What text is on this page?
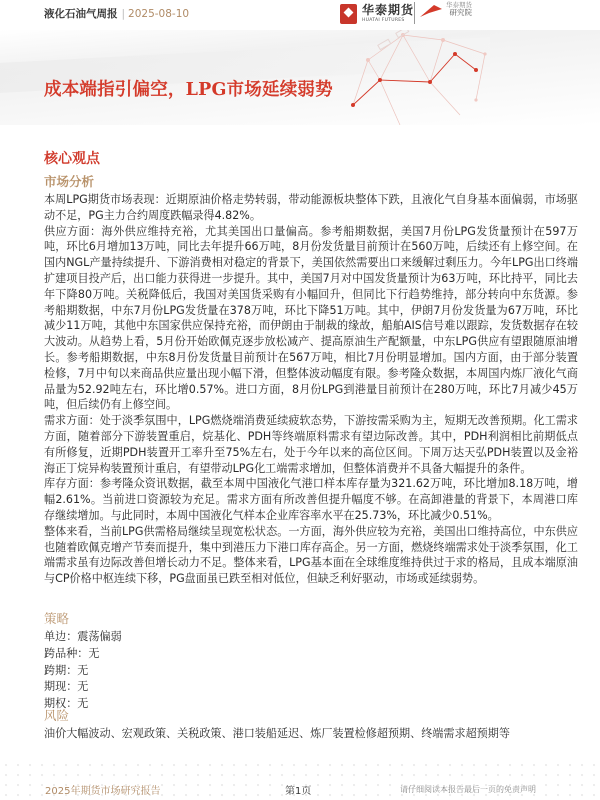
液化石油气周报 | 2025-08-10	华泰期货
HUATAI FUTURES
华泰期货
研究院
成本端指引偏空，LPG市场延续弱势
核心观点
市场分析

本周LPG期货市场表现：近期原油价格走势转弱，带动能源板块整体下跌，且液化气自身基本面偏弱，市场驱动不足，PG主力合约周度跌幅录得4.82%。

供应方面：海外供应维持充裕，尤其美国出口量偏高。参考船期数据，美国7月份LPG发货量预计在597万吨，环比6月增加13万吨，同比去年提升66万吨，8月份发货量目前预计在560万吨，后续还有上修空间。在国内NGL产量持续提升、下游消费相对稳定的背景下，美国依然需要出口来缓解过剩压力。今年LPG出口终端扩建项目投产后，出口能力获得进一步提升。其中，美国7月对中国发货量预计为63万吨，环比持平，同比去年下降80万吨。关税降低后，我国对美国货采购有小幅回升，但同比下行趋势维持，部分转向中东货源。参考船期数据，中东7月份LPG发货量在378万吨，环比下降51万吨。其中，伊朗7月份发货量为67万吨，环比减少11万吨，其他中东国家供应保持充裕，而伊朗由于制裁的缘故，船舶AIS信号难以跟踪，发货数据存在较大波动。从趋势上看，5月份开始欧佩克逐步放松减产、提高原油生产配额量，中东LPG供应有望跟随原油增长。参考船期数据，中东8月份发货量目前预计在567万吨，相比7月份明显增加。国内方面，由于部分装置检修，7月中旬以来商品供应量出现小幅下滑，但整体波动幅度有限。参考隆众数据，本周国内炼厂液化气商品量为52.92吨左右，环比增0.57%。进口方面，8月份LPG到港量目前预计在280万吨，环比7月减少45万吨，但后续仍有上修空间。

需求方面：处于淡季氛围中，LPG燃烧端消费延续疲软态势，下游按需采购为主，短期无改善预期。化工需求方面，随着部分下游装置重启，烷基化、PDH等终端原料需求有望边际改善。其中，PDH利润相比前期低点有所修复，近期PDH装置开工率升至75%左右，处于今年以来的高位区间。下周万达天弘PDH装置以及金裕海正丁烷异构装置预计重启，有望带动LPG化工端需求增加，但整体消费并不具备大幅提升的条件。

库存方面：参考隆众资讯数据，截至本周中国液化气港口样本库存量为321.62万吨，环比增加8.18万吨，增幅2.61%。当前进口资源较为充足。需求方面有所改善但提升幅度不够。在高卸港量的背景下，本周港口库存继续增加。与此同时，本周中国液化气样本企业库容率水平在25.73%，环比减少0.51%。

整体来看，当前LPG供需格局继续呈现宽松状态。一方面，海外供应较为充裕，美国出口维持高位，中东供应也随着欧佩克增产节奏而提升，集中到港压力下港口库存高企。另一方面，燃烧终端需求处于淡季氛围，化工端需求虽有边际改善但增长动力不足。整体来看，LPG基本面在全球维度维持供过于求的格局，且成本端原油与CP价格中枢连续下移，PG盘面虽已跌至相对低位，但缺乏利好驱动，市场或延续弱势。

策略
单边：震荡偏弱
跨品种：无
跨期：无
期现：无
期权：无
风险

油价大幅波动、宏观政策、关税政策、港口装船延迟、炼厂装置检修超预期、终端需求超预期等

2025年期货市场研究报告	第1页	请仔细阅读本报告最后一页的免责声明
